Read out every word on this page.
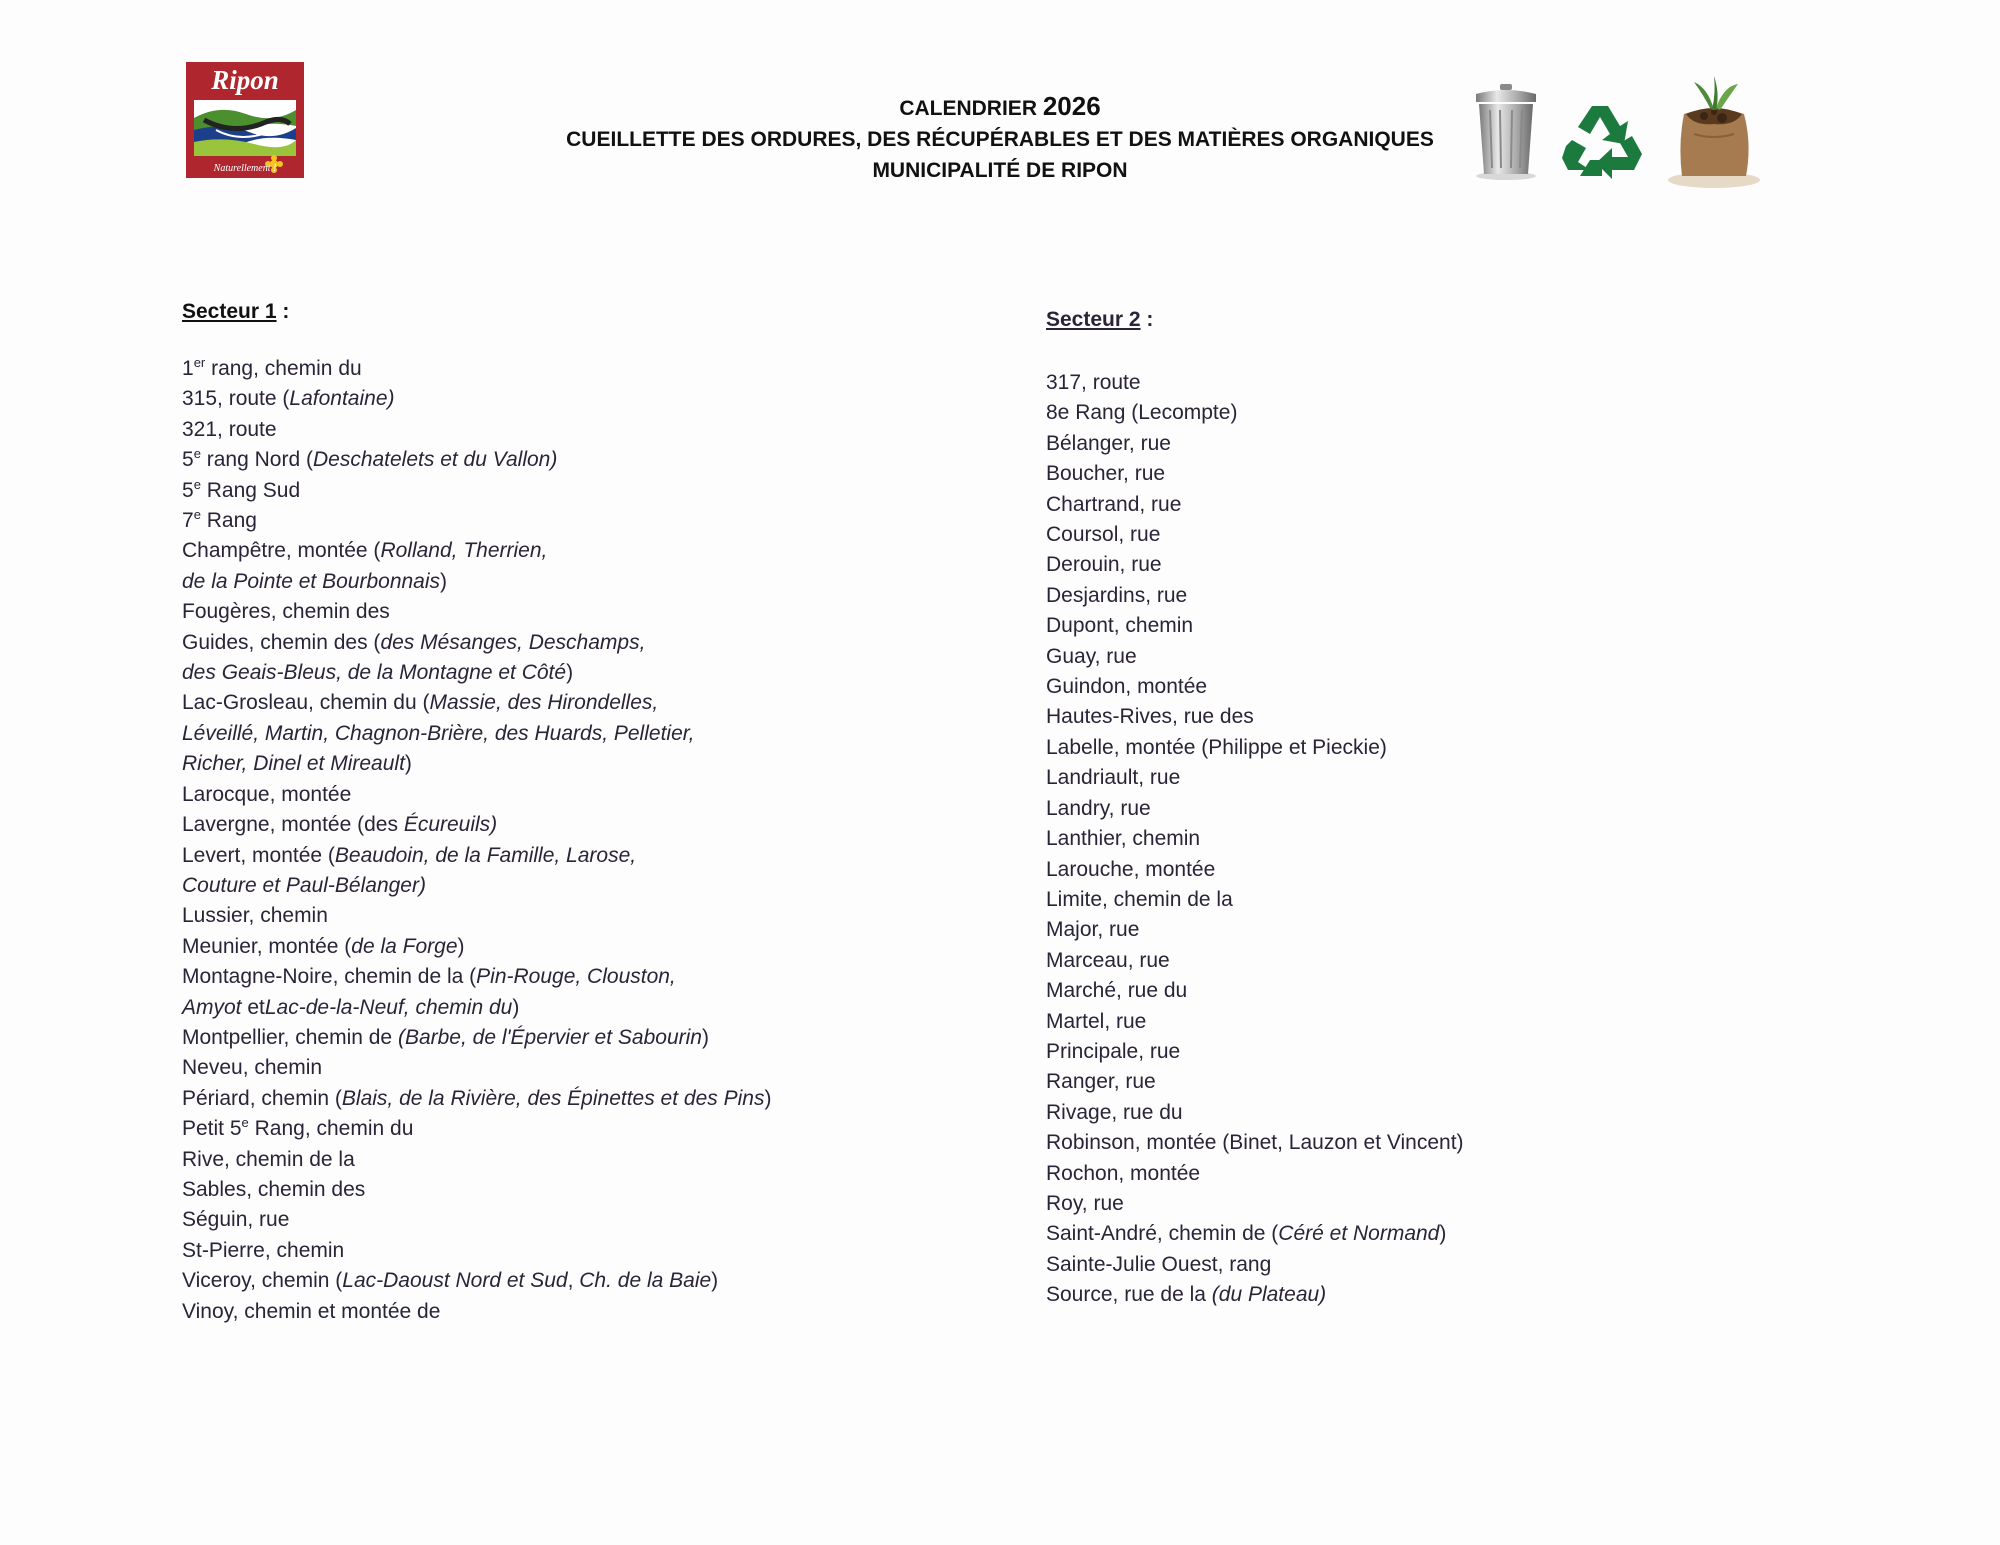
Ripon
Naturellement !
CALENDRIER 2026
CUEILLETTE DES ORDURES, DES RÉCUPÉRABLES ET DES MATIÈRES ORGANIQUES
MUNICIPALITÉ DE RIPON
Secteur 1 :
1er rang, chemin du
315, route (Lafontaine)
321, route
5e rang Nord (Deschatelets et du Vallon)
5e Rang Sud
7e Rang
Champêtre, montée (Rolland, Therrien,
de la Pointe et Bourbonnais)
Fougères, chemin des
Guides, chemin des (des Mésanges, Deschamps,
des Geais-Bleus, de la Montagne et Côté)
Lac-Grosleau, chemin du (Massie, des Hirondelles,
Léveillé, Martin, Chagnon-Brière, des Huards, Pelletier,
Richer, Dinel et Mireault)
Larocque, montée
Lavergne, montée (des Écureuils)
Levert, montée (Beaudoin, de la Famille, Larose,
Couture et Paul-Bélanger)
Lussier, chemin
Meunier, montée (de la Forge)
Montagne-Noire, chemin de la (Pin-Rouge, Clouston,
Amyot etLac-de-la-Neuf, chemin du)
Montpellier, chemin de (Barbe, de l'Épervier et Sabourin)
Neveu, chemin
Périard, chemin (Blais, de la Rivière, des Épinettes et des Pins)
Petit 5e Rang, chemin du
Rive, chemin de la
Sables, chemin des
Séguin, rue
St-Pierre, chemin
Viceroy, chemin (Lac-Daoust Nord et Sud, Ch. de la Baie)
Vinoy, chemin et montée de
Secteur 2 :
317, route
8e Rang (Lecompte)
Bélanger, rue
Boucher, rue
Chartrand, rue
Coursol, rue
Derouin, rue
Desjardins, rue
Dupont, chemin
Guay, rue
Guindon, montée
Hautes-Rives, rue des
Labelle, montée (Philippe et Pieckie)
Landriault, rue
Landry, rue
Lanthier, chemin
Larouche, montée
Limite, chemin de la
Major, rue
Marceau, rue
Marché, rue du
Martel, rue
Principale, rue
Ranger, rue
Rivage, rue du
Robinson, montée (Binet, Lauzon et Vincent)
Rochon, montée
Roy, rue
Saint-André, chemin de (Céré et Normand)
Sainte-Julie Ouest, rang
Source, rue de la (du Plateau)
